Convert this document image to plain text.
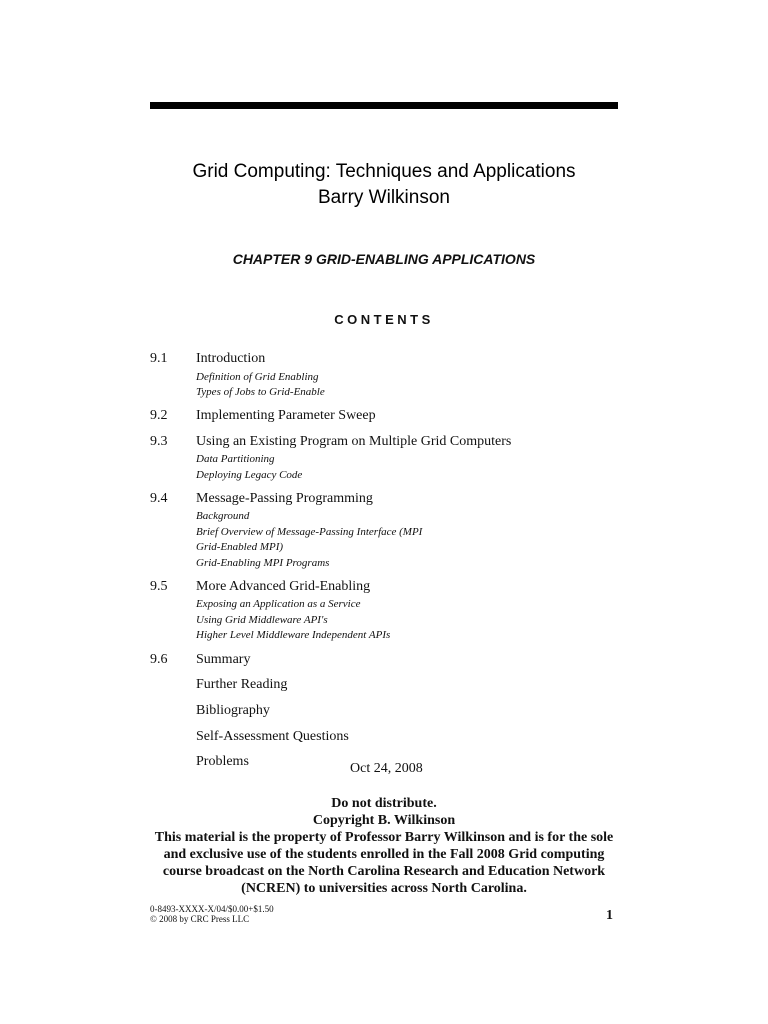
Grid Computing: Techniques and Applications
Barry Wilkinson
CHAPTER 9 GRID-ENABLING APPLICATIONS
CONTENTS
9.1 Introduction
Definition of Grid Enabling
Types of Jobs to Grid-Enable
9.2 Implementing Parameter Sweep
9.3 Using an Existing Program on Multiple Grid Computers
Data Partitioning
Deploying Legacy Code
9.4 Message-Passing Programming
Background
Brief Overview of Message-Passing Interface (MPI
Grid-Enabled MPI)
Grid-Enabling MPI Programs
9.5 More Advanced Grid-Enabling
Exposing an Application as a Service
Using Grid Middleware API's
Higher Level Middleware Independent APIs
9.6 Summary
Further Reading
Bibliography
Self-Assessment Questions
Problems	Oct 24, 2008
Do not distribute.
Copyright B. Wilkinson
This material is the property of Professor Barry Wilkinson and is for the sole
and exclusive use of the students enrolled in the Fall 2008 Grid computing
course broadcast on the North Carolina Research and Education Network
(NCREN) to universities across North Carolina.
0-8493-XXXX-X/04/$0.00+$1.50
© 2008 by CRC Press LLC	1
